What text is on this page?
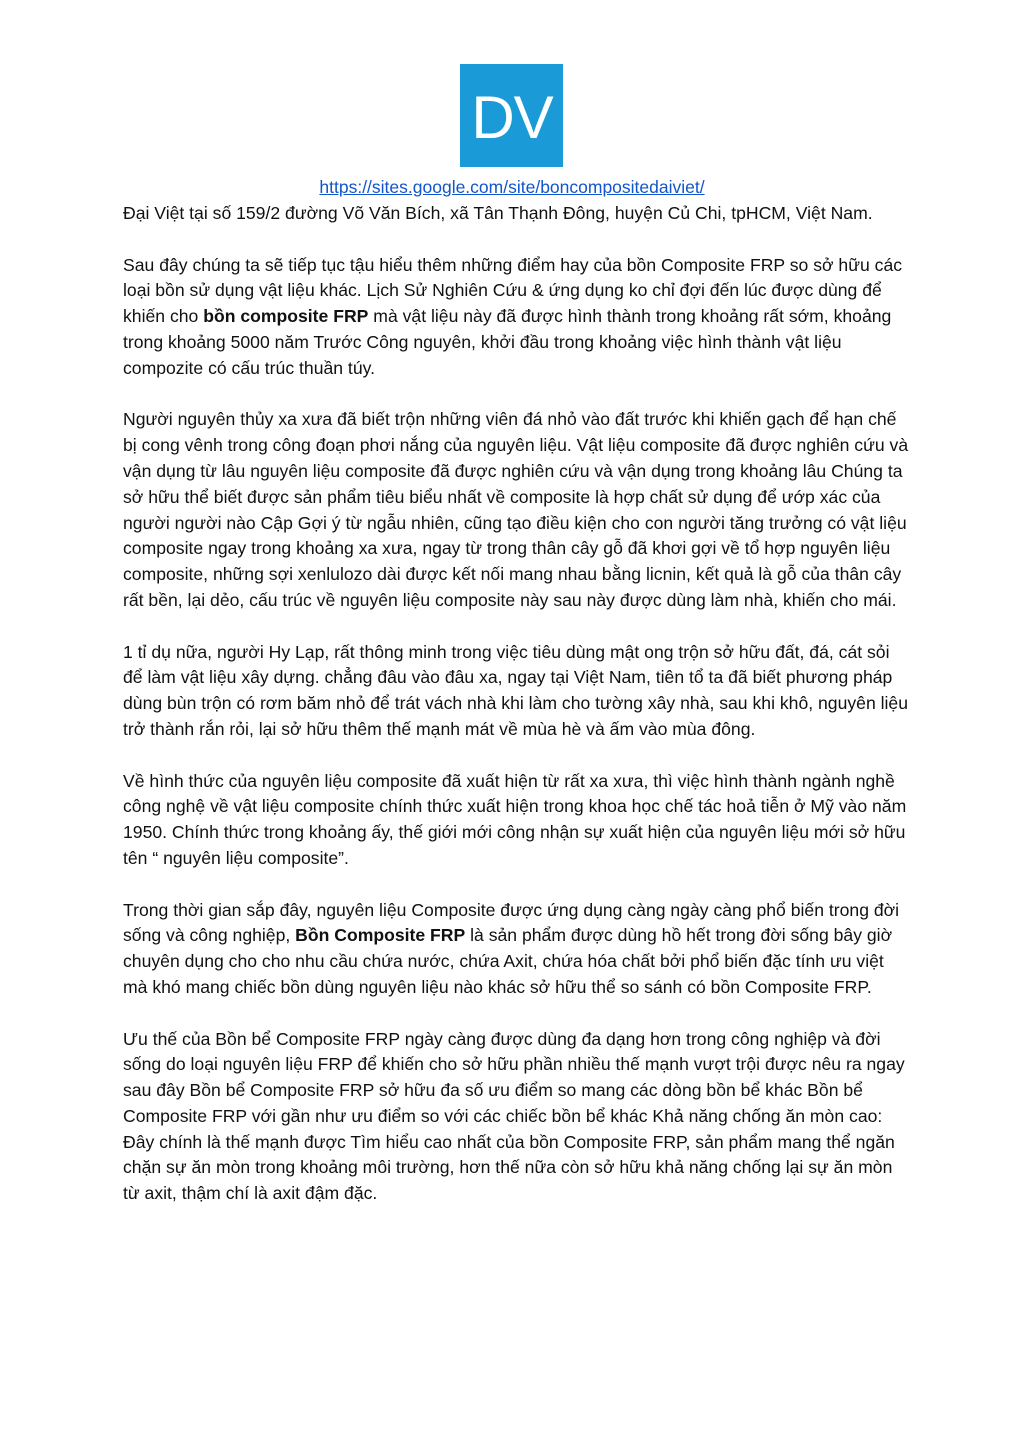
DV
https://sites.google.com/site/boncompositedaiviet/

Đại Việt tại số 159/2 đường Võ Văn Bích, xã Tân Thạnh Đông, huyện Củ Chi, tpHCM, Việt Nam.

Sau đây chúng ta sẽ tiếp tục tậu hiểu thêm những điểm hay của bồn Composite FRP so sở hữu các loại bồn sử dụng vật liệu khác. Lịch Sử Nghiên Cứu & ứng dụng ko chỉ đợi đến lúc được dùng để khiến cho bồn composite FRP mà vật liệu này đã được hình thành trong khoảng rất sớm, khoảng trong khoảng 5000 năm Trước Công nguyên, khởi đầu trong khoảng việc hình thành vật liệu compozite có cấu trúc thuần túy.

Người nguyên thủy xa xưa đã biết trộn những viên đá nhỏ vào đất trước khi khiến gạch để hạn chế bị cong vênh trong công đoạn phơi nắng của nguyên liệu. Vật liệu composite đã được nghiên cứu và vận dụng từ lâu nguyên liệu composite đã được nghiên cứu và vận dụng trong khoảng lâu Chúng ta sở hữu thể biết được sản phẩm tiêu biểu nhất về composite là hợp chất sử dụng để ướp xác của người người nào Cập Gợi ý từ ngẫu nhiên, cũng tạo điều kiện cho con người tăng trưởng có vật liệu composite ngay trong khoảng xa xưa, ngay từ trong thân cây gỗ đã khơi gợi về tổ hợp nguyên liệu composite, những sợi xenlulozo dài được kết nối mang nhau bằng licnin, kết quả là gỗ của thân cây rất bền, lại dẻo, cấu trúc về nguyên liệu composite này sau này được dùng làm nhà, khiến cho mái.

1 tỉ dụ nữa, người Hy Lạp, rất thông minh trong việc tiêu dùng mật ong trộn sở hữu đất, đá, cát sỏi để làm vật liệu xây dựng. chẳng đâu vào đâu xa, ngay tại Việt Nam, tiên tổ ta đã biết phương pháp dùng bùn trộn có rơm băm nhỏ để trát vách nhà khi làm cho tường xây nhà, sau khi khô, nguyên liệu trở thành rắn rỏi, lại sở hữu thêm thế mạnh mát về mùa hè và ấm vào mùa đông.

Về hình thức của nguyên liệu composite đã xuất hiện từ rất xa xưa, thì việc hình thành ngành nghề công nghệ về vật liệu composite chính thức xuất hiện trong khoa học chế tác hoả tiễn ở Mỹ vào năm 1950. Chính thức trong khoảng ấy, thế giới mới công nhận sự xuất hiện của nguyên liệu mới sở hữu tên “ nguyên liệu composite”.

Trong thời gian sắp đây, nguyên liệu Composite được ứng dụng càng ngày càng phổ biến trong đời sống và công nghiệp, Bồn Composite FRP là sản phẩm được dùng hồ hết trong đời sống bây giờ chuyên dụng cho cho nhu cầu chứa nước, chứa Axit, chứa hóa chất bởi phổ biến đặc tính ưu việt mà khó mang chiếc bồn dùng nguyên liệu nào khác sở hữu thể so sánh có bồn Composite FRP.

Ưu thế của Bồn bể Composite FRP ngày càng được dùng đa dạng hơn trong công nghiệp và đời sống do loại nguyên liệu FRP để khiến cho sở hữu phần nhiều thế mạnh vượt trội được nêu ra ngay sau đây Bồn bể Composite FRP sở hữu đa số ưu điểm so mang các dòng bồn bể khác Bồn bể Composite FRP với gần như ưu điểm so với các chiếc bồn bể khác Khả năng chống ăn mòn cao: Đây chính là thế mạnh được Tìm hiểu cao nhất của bồn Composite FRP, sản phẩm mang thể ngăn chặn sự ăn mòn trong khoảng môi trường, hơn thế nữa còn sở hữu khả năng chống lại sự ăn mòn từ axit, thậm chí là axit đậm đặc.
